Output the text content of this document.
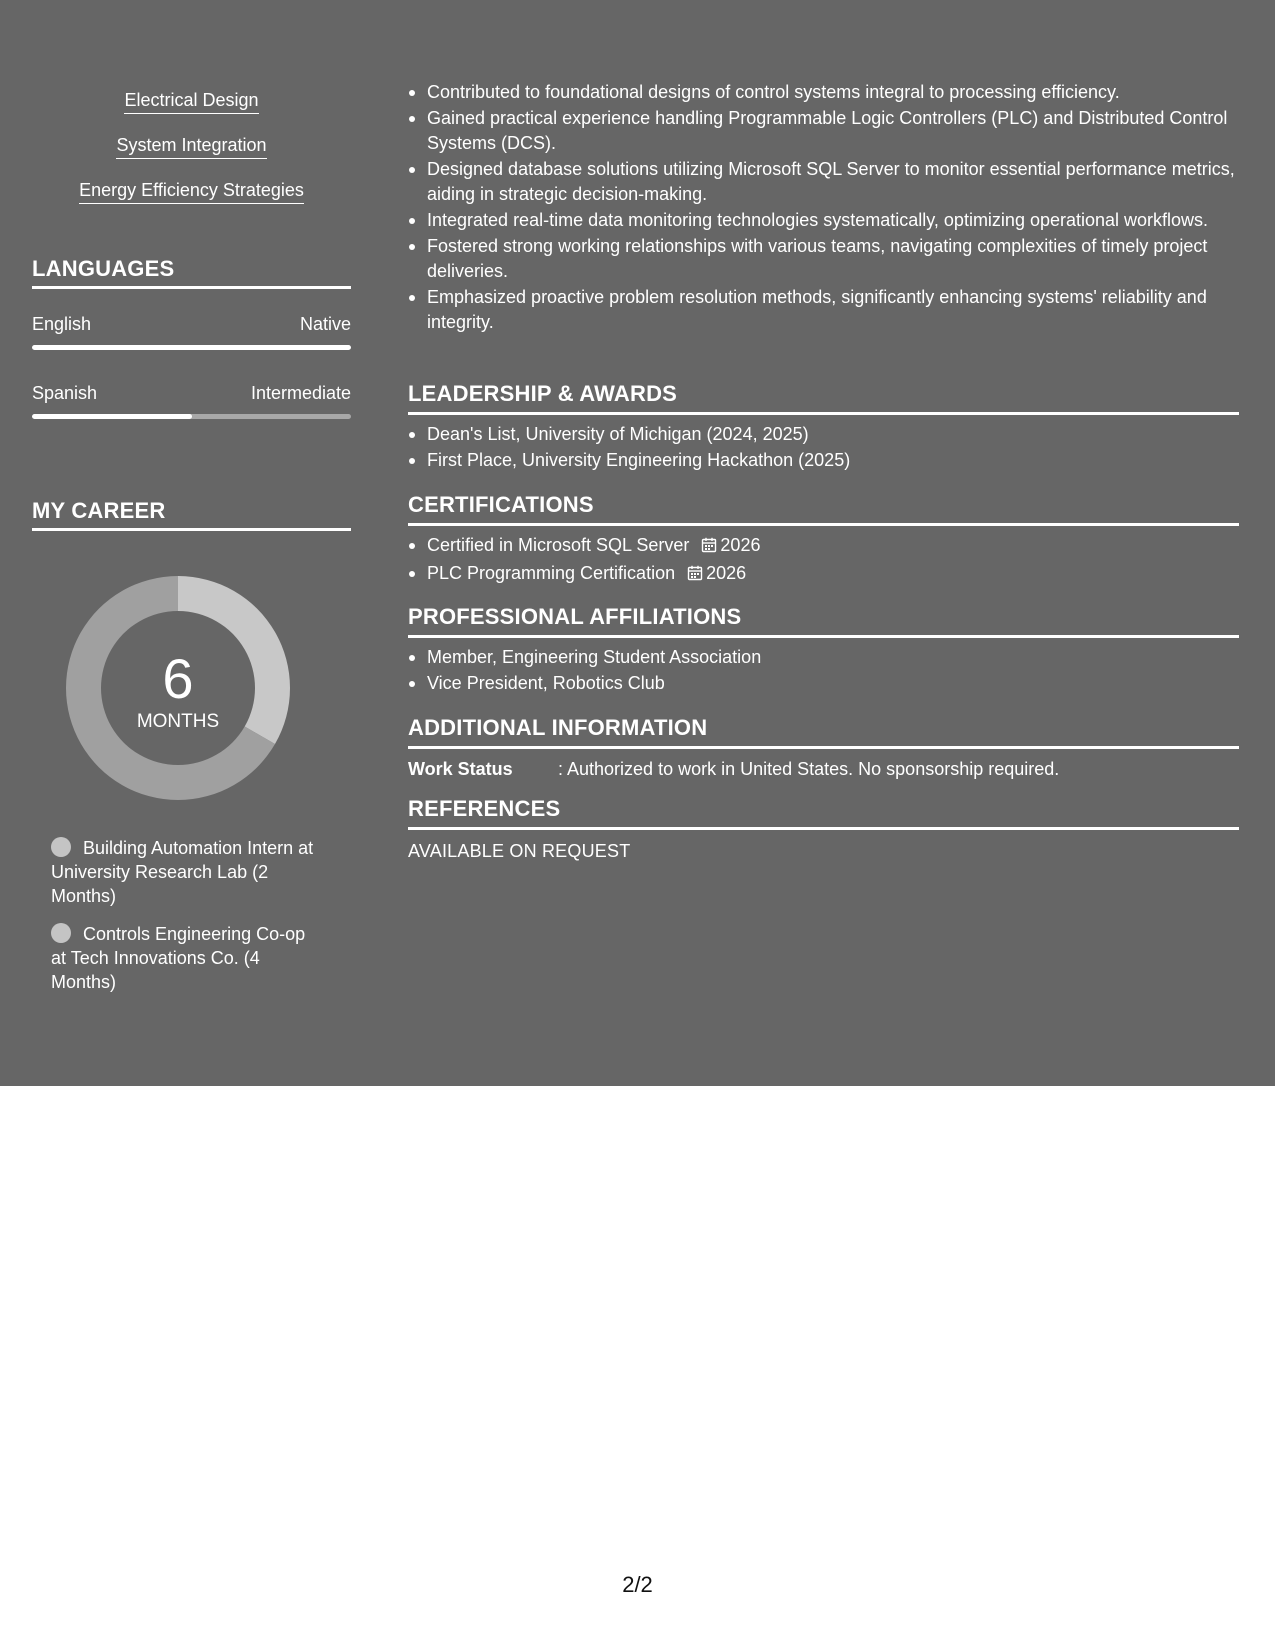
Electrical Design
System Integration
Energy Efficiency Strategies
LANGUAGES
English	Native
Spanish	Intermediate
MY CAREER
6
MONTHS
Building Automation Intern at University Research Lab (2 Months)
Controls Engineering Co-op at Tech Innovations Co. (4 Months)
Contributed to foundational designs of control systems integral to processing efficiency.
Gained practical experience handling Programmable Logic Controllers (PLC) and Distributed Control Systems (DCS).
Designed database solutions utilizing Microsoft SQL Server to monitor essential performance metrics, aiding in strategic decision-making.
Integrated real-time data monitoring technologies systematically, optimizing operational workflows.
Fostered strong working relationships with various teams, navigating complexities of timely project deliveries.
Emphasized proactive problem resolution methods, significantly enhancing systems' reliability and integrity.
LEADERSHIP & AWARDS
Dean's List, University of Michigan (2024, 2025)
First Place, University Engineering Hackathon (2025)
CERTIFICATIONS
Certified in Microsoft SQL Server 2026
PLC Programming Certification 2026
PROFESSIONAL AFFILIATIONS
Member, Engineering Student Association
Vice President, Robotics Club
ADDITIONAL INFORMATION
Work Status	: Authorized to work in United States. No sponsorship required.
REFERENCES
AVAILABLE ON REQUEST
2/2
